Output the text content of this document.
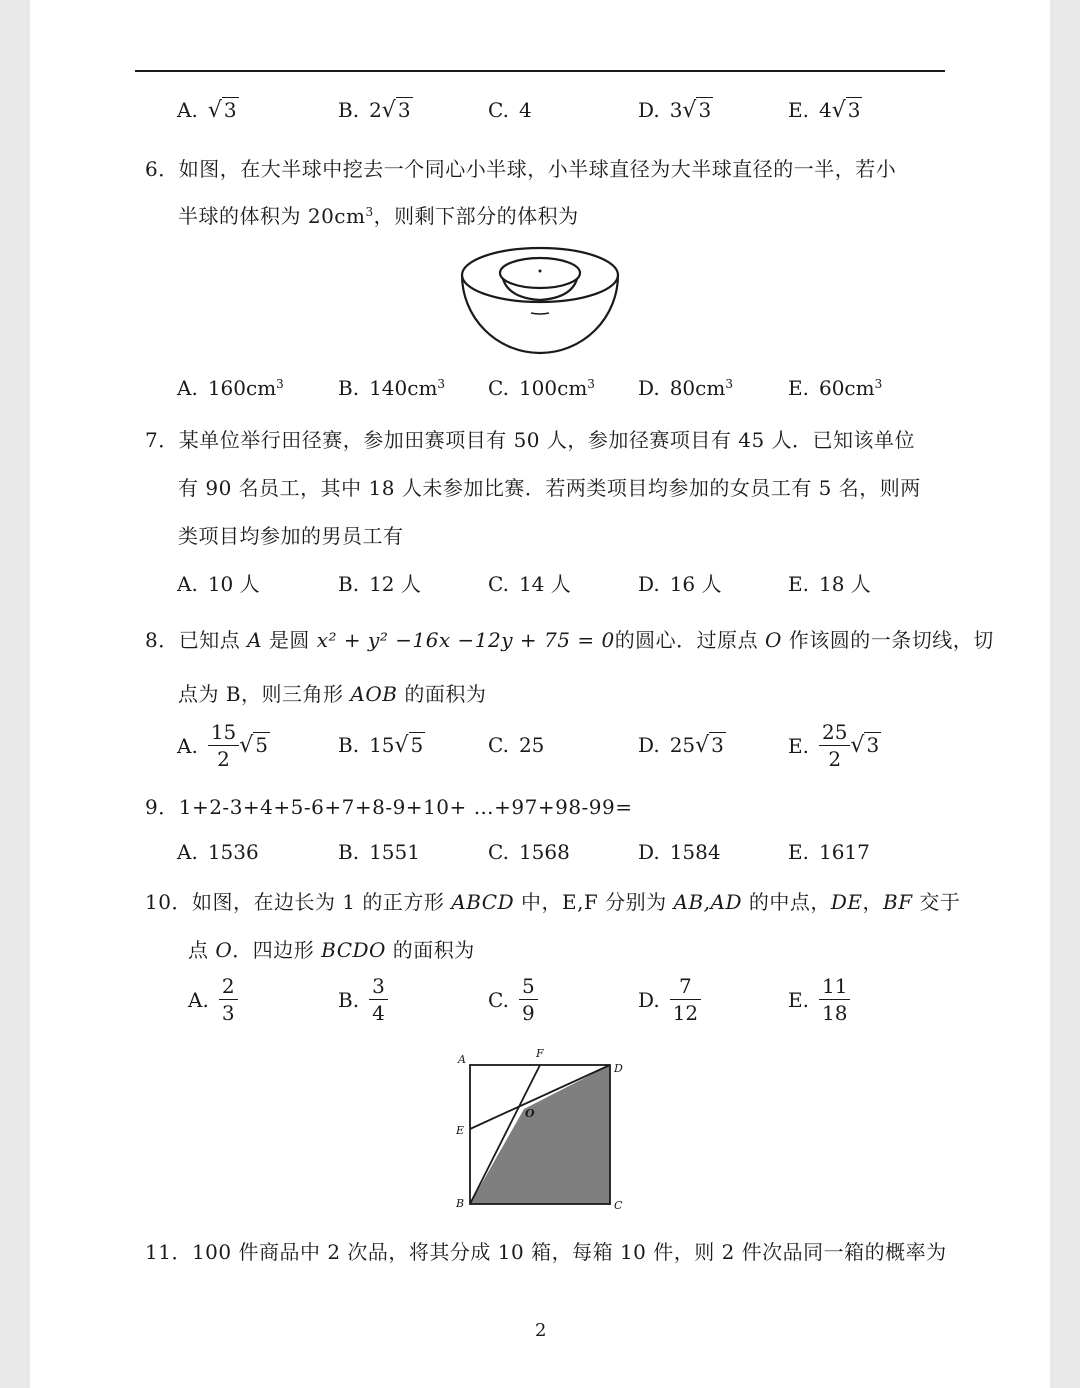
A. √ 3	B. 2√ 3	C. 4	D. 3√ 3	E. 4√ 3
6．如图，在大半球中挖去一个同心小半球，小半球直径为大半球直径的一半，若小
半球的体积为 $20cm^3$，则剩下部分的体积为
A. $160cm^3$	B. $140cm^3$ C. $100cm^3$ D. $80cm^3$	E. $60cm^3$
7．某单位举行田径赛，参加田赛项目有 50 人，参加径赛项目有 45 人．已知该单位
有 90 名员工，其中 18 人未参加比赛．若两类项目均参加的女员工有 5 名，则两
类项目均参加的男员工有
A. 10 人	B. 12 人	C. 14 人	D. 16 人	E. 18 人
8．已知点 A 是圆 x² + y² −16x −12y + 75 = 0的圆心．过原点 O 作该圆的一条切线，切
点为 B，则三角形 AOB 的面积为
A. $\frac{15}{2}$ √ 5	B. 15√ 5	C. 25	D. 25√ 3	E. $\frac{25}{2}$ √ 3
9．1+2-3+4+5-6+7+8-9+10+ …+97+98-99=
A. 1536	B. 1551	C. 1568	D. 1584	E. 1617
10．如图，在边长为 1 的正方形 ABCD 中，E,F 分别为 AB,AD 的中点，DE，BF 交于
点 O．四边形 BCDO 的面积为
A. $\frac{2}{3}$	B. $\frac{3}{4}$	C. $\frac{5}{9}$	D. $\frac{7}{12}$	E. $\frac{11}{18}$
A	F
D
E
O
B	C
11．100 件商品中 2 次品，将其分成 10 箱，每箱 10 件，则 2 件次品同一箱的概率为
2
